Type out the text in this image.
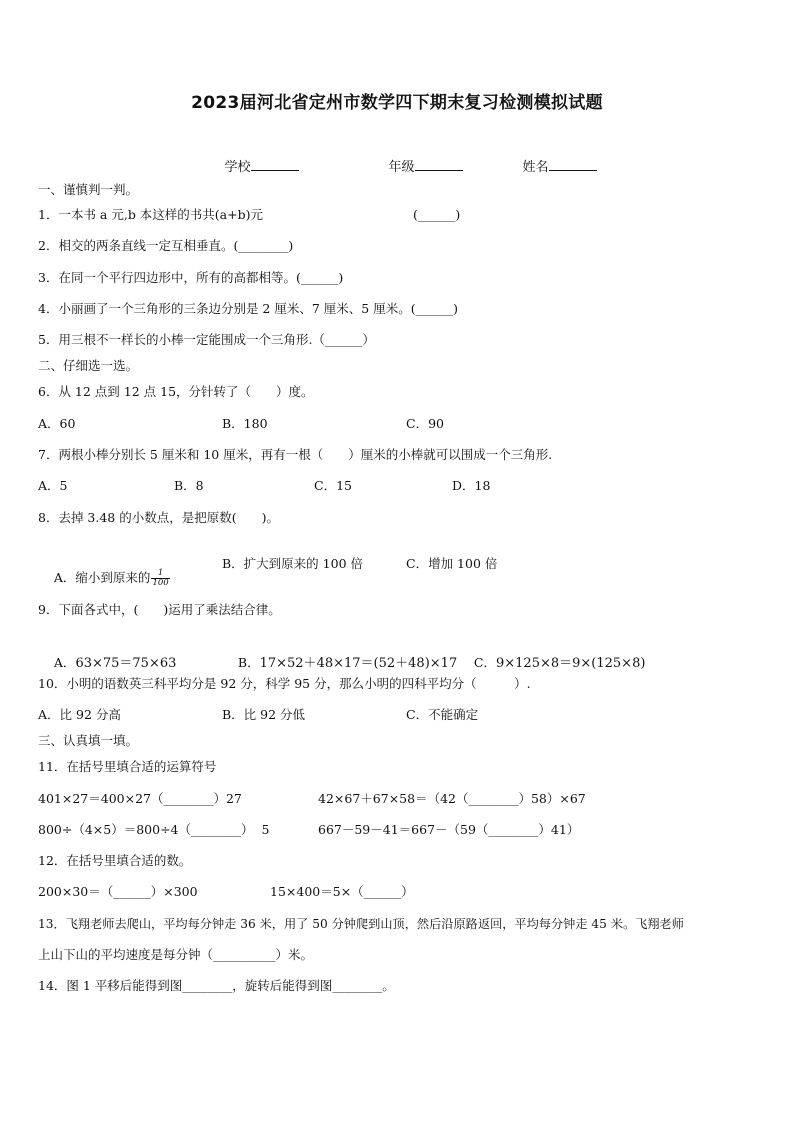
2023届河北省定州市数学四下期末复习检测模拟试题

学校
	年级
	姓名

一、谨慎判一判。
1．一本书 a 元,b 本这样的书共(a+b)元	(______)
2．相交的两条直线一定互相垂直。(________)
3．在同一个平行四边形中，所有的高都相等。(______)
4．小丽画了一个三角形的三条边分别是 2 厘米、7 厘米、5 厘米。(______)
5．用三根不一样长的小棒一定能围成一个三角形.（______）
二、仔细选一选。
6．从 12 点到 12 点 15，分针转了（　　）度。
A．60	B．180	C．90
7．两根小棒分别长 5 厘米和 10 厘米，再有一根（　　）厘米的小棒就可以围成一个三角形.
A．5	B．8	C．15	D．18
8．去掉 3.48 的小数点，是把原数(　　)。

A．缩小到原来的 $\frac{1}{100}$

B．扩大到原来的 100 倍	C．增加 100 倍
9．下面各式中，(　　)运用了乘法结合律。

A．63×75＝75×63
	B．17×52＋48×17＝(52＋48)×17
	C．9×125×8＝9×(125×8)

10．小明的语数英三科平均分是 92 分，科学 95 分，那么小明的四科平均分（　　　）.
A．比 92 分高	B．比 92 分低	C．不能确定
三、认真填一填。
11．在括号里填合适的运算符号
401×27＝400×27（________）27	42×67＋67×58＝（42（________）58）×67
800÷（4×5）＝800÷4（________）  5	667－59－41＝667－（59（________）41）
12．在括号里填合适的数。
200×30＝（______）×300	15×400＝5×（______）
13．飞翔老师去爬山，平均每分钟走 36 米，用了 50 分钟爬到山顶，然后沿原路返回，平均每分钟走 45 米。飞翔老师
上山下山的平均速度是每分钟（__________）米。
14．图 1 平移后能得到图________，旋转后能得到图________。
